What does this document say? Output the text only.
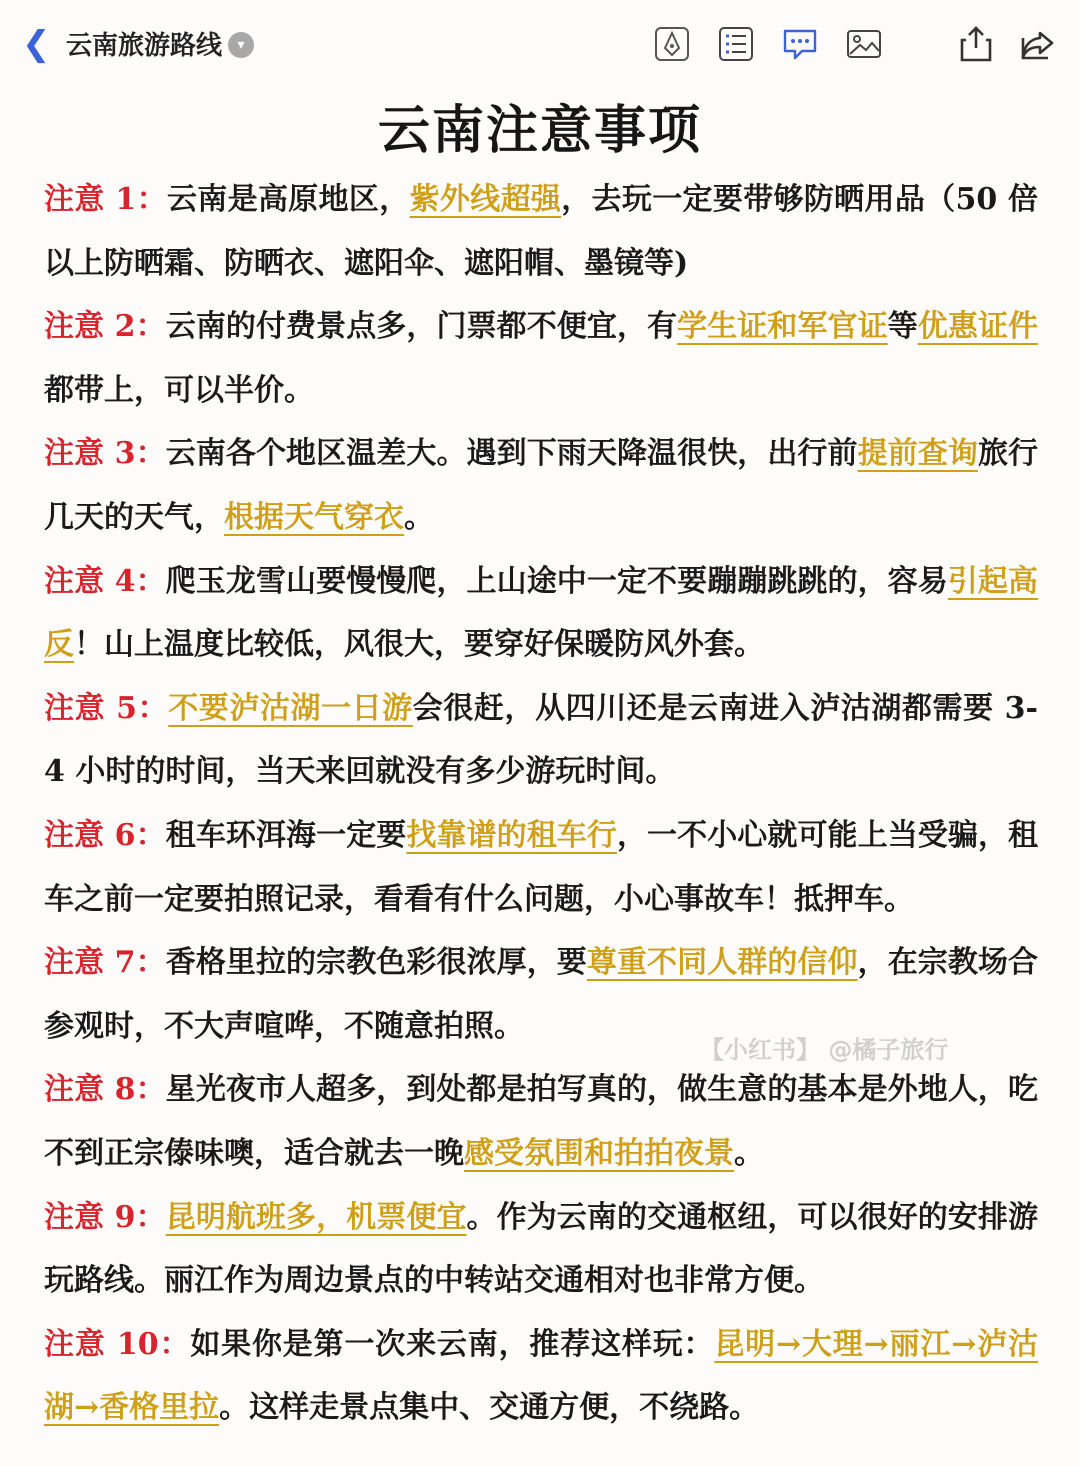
❮ 云南旅游路线	▾
云南注意事项
注意 1：云南是高原地区，紫外线超强，去玩一定要带够防晒用品（50 倍以上防晒霜、防晒衣、遮阳伞、遮阳帽、墨镜等)
注意 2：云南的付费景点多，门票都不便宜，有学生证和军官证等优惠证件都带上，可以半价。
注意 3：云南各个地区温差大。遇到下雨天降温很快，出行前提前查询旅行几天的天气，根据天气穿衣。
注意 4：爬玉龙雪山要慢慢爬，上山途中一定不要蹦蹦跳跳的，容易引起高反！山上温度比较低，风很大，要穿好保暖防风外套。
注意 5：不要泸沽湖一日游会很赶，从四川还是云南进入泸沽湖都需要 3-4 小时的时间，当天来回就没有多少游玩时间。
注意 6：租车环洱海一定要找靠谱的租车行，一不小心就可能上当受骗，租车之前一定要拍照记录，看看有什么问题，小心事故车！抵押车。
注意 7：香格里拉的宗教色彩很浓厚，要尊重不同人群的信仰，在宗教场合参观时，不大声喧哗，不随意拍照。
注意 8：星光夜市人超多，到处都是拍写真的，做生意的基本是外地人，吃不到正宗傣味噢，适合就去一晚感受氛围和拍拍夜景。
注意 9：昆明航班多，机票便宜。作为云南的交通枢纽，可以很好的安排游玩路线。丽江作为周边景点的中转站交通相对也非常方便。
注意 10：如果你是第一次来云南，推荐这样玩：昆明→大理→丽江→泸沽湖→香格里拉。这样走景点集中、交通方便，不绕路。
【小红书】 @橘子旅行
